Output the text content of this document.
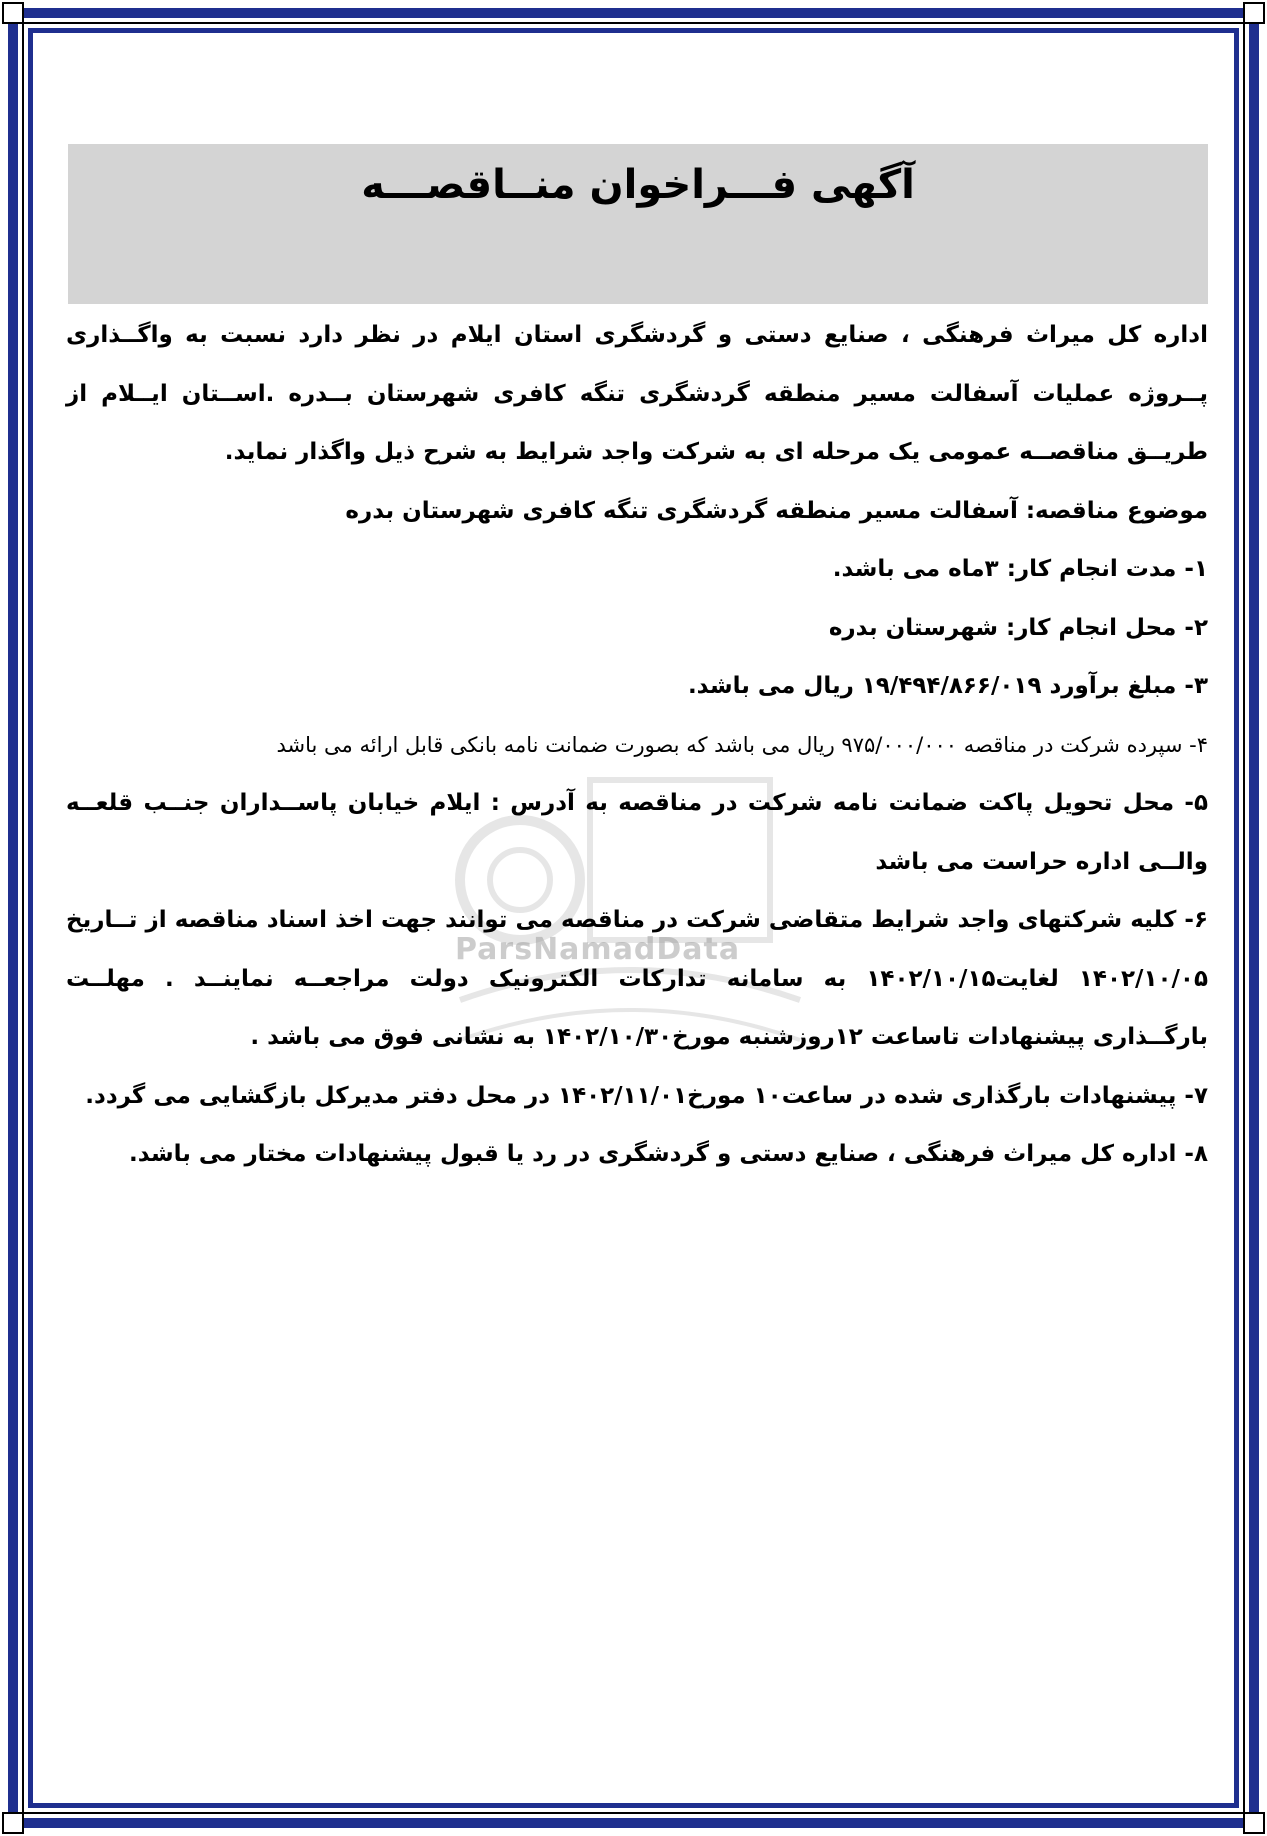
آگهی فـــراخوان منــاقصـــه
ParsNamadData

اداره کل میراث فرهنگی ، صنایع دستی و گردشگری استان ایلام در نظر دارد نسبت به واگــذاری پــروژه عملیات آسفالت مسیر منطقه گردشگری تنگه کافری شهرستان بــدره .اســتان ایــلام از طریــق مناقصــه عمومی یک مرحله ای به شرکت واجد شرایط به شرح ذیل واگذار نماید.

موضوع مناقصه: آسفالت مسیر منطقه گردشگری تنگه کافری شهرستان بدره

۱- مدت انجام کار: ۳ماه می باشد.

۲- محل انجام کار: شهرستان بدره

۳- مبلغ برآورد ۱۹/۴۹۴/۸۶۶/۰۱۹ ریال می باشد.

۴- سپرده شرکت در مناقصه ۹۷۵/۰۰۰/۰۰۰ ریال می باشد که بصورت ضمانت نامه بانکی قابل ارائه می باشد

۵- محل تحویل پاکت ضمانت نامه شرکت در مناقصه به آدرس : ایلام خیابان پاســداران جنــب قلعــه والــی اداره حراست می باشد

۶- کلیه شرکتهای واجد شرایط متقاضی شرکت در مناقصه می توانند جهت اخذ اسناد مناقصه از تــاریخ ۱۴۰۲/۱۰/۰۵ لغایت۱۴۰۲/۱۰/۱۵ به سامانه تدارکات الکترونیک دولت مراجعــه نماینــد . مهلــت بارگــذاری پیشنهادات تاساعت ۱۲روزشنبه مورخ۱۴۰۲/۱۰/۳۰ به نشانی فوق می باشد .

۷- پیشنهادات بارگذاری شده در ساعت۱۰ مورخ۱۴۰۲/۱۱/۰۱ در محل دفتر مدیرکل بازگشایی می گردد.

۸- اداره کل میراث فرهنگی ، صنایع دستی و گردشگری در رد یا قبول پیشنهادات مختار می باشد.
